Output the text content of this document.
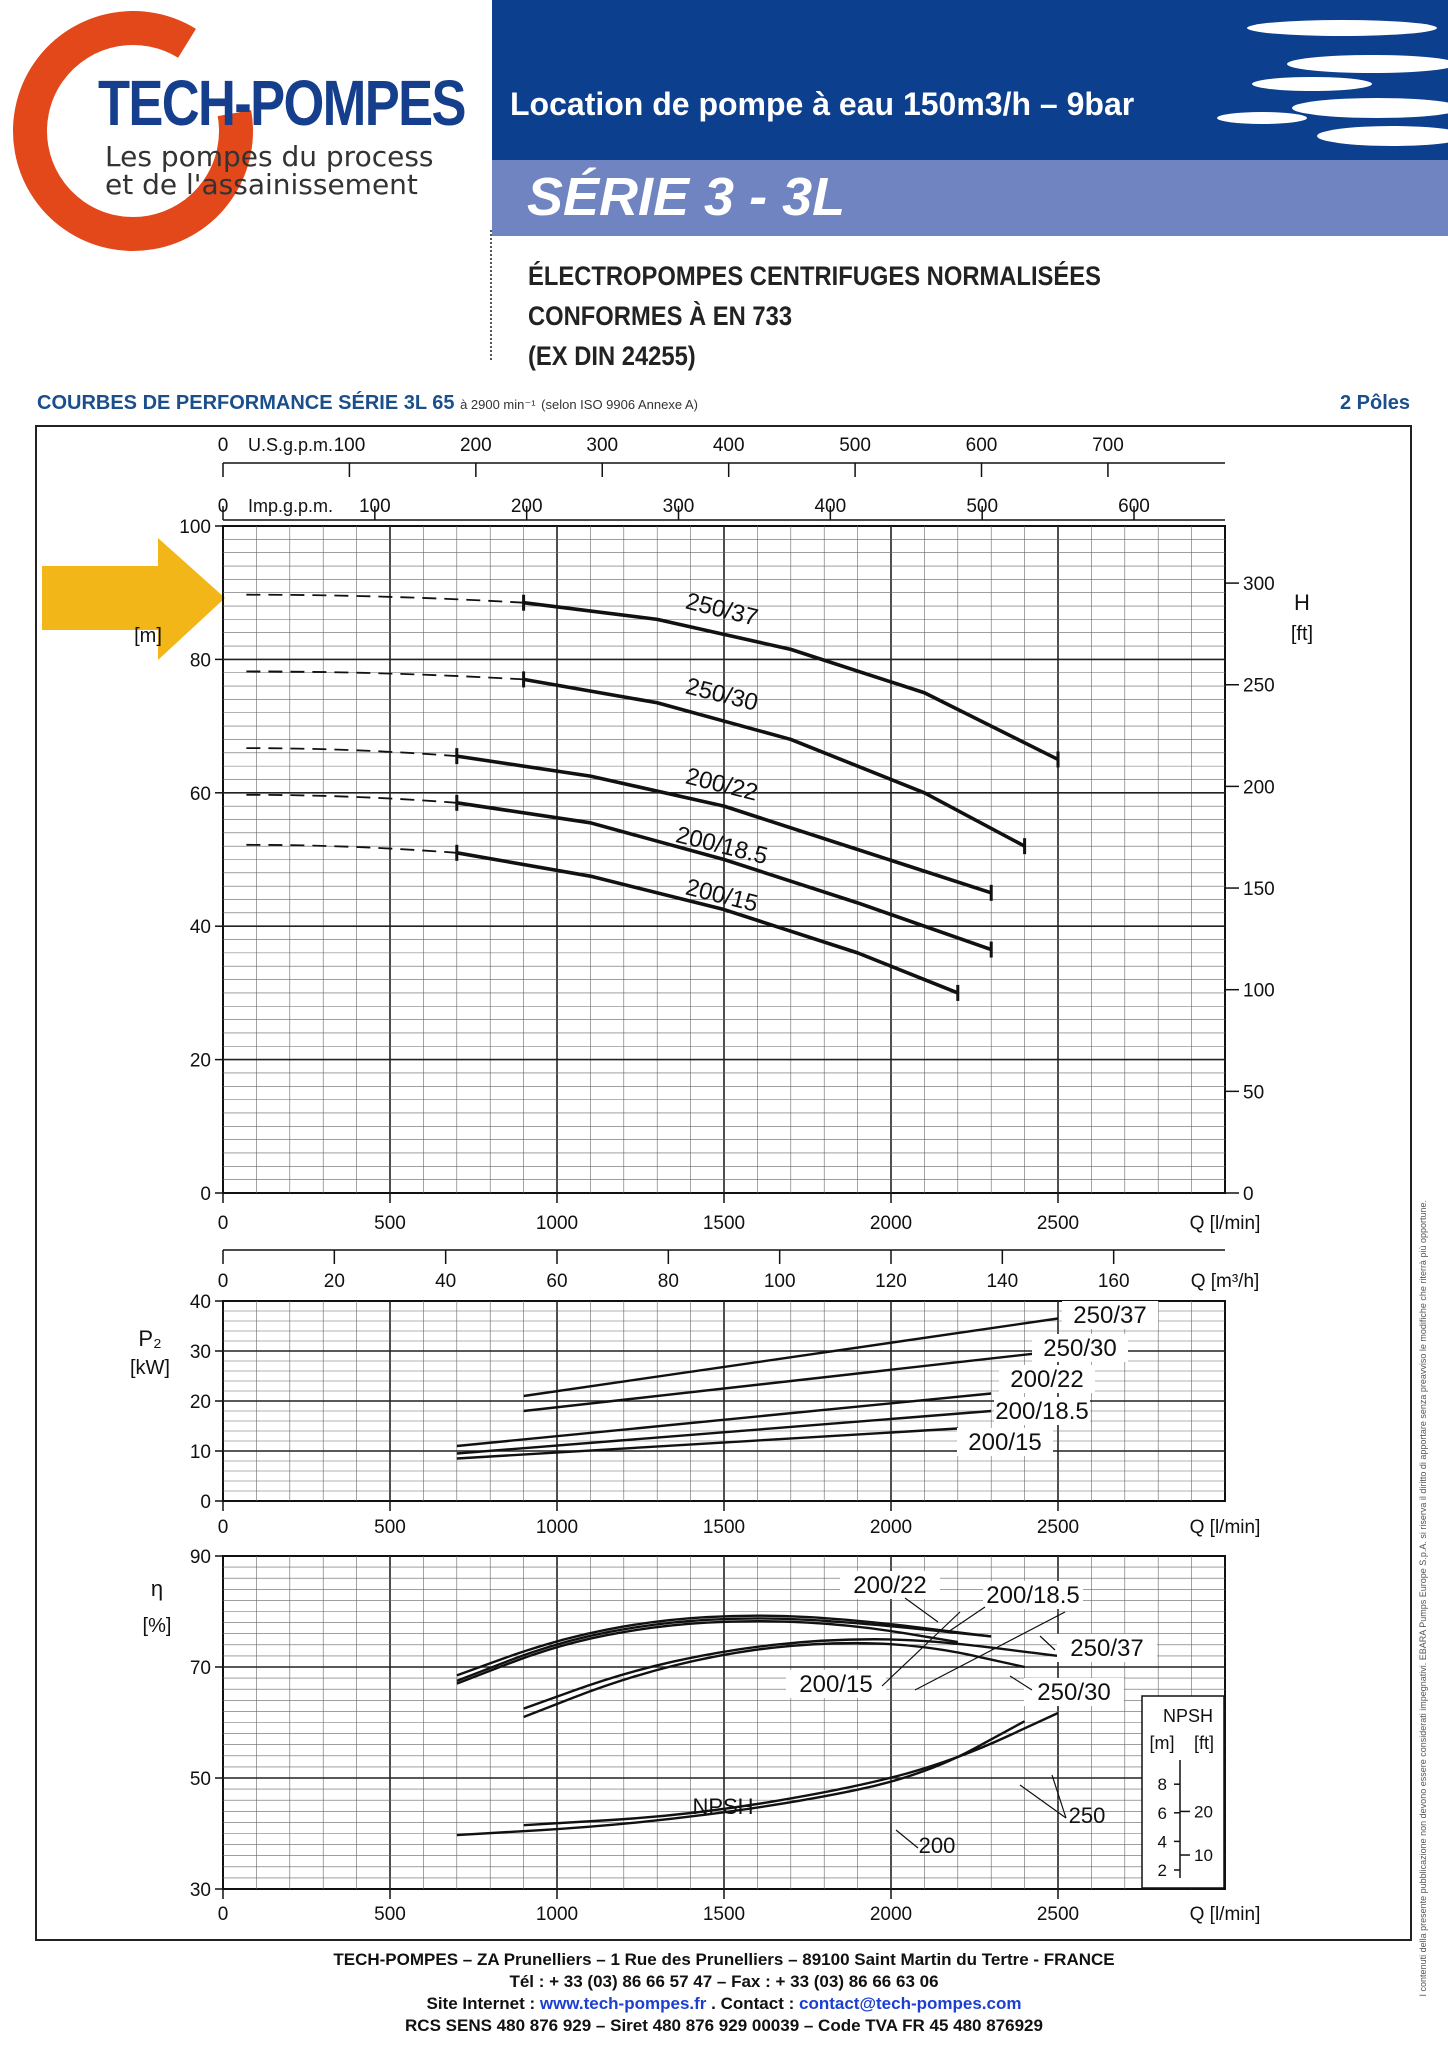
TECH-POMPES
Les pompes du process
et de l'assainissement
Location de pompe à eau 150m3/h – 9bar
SÉRIE 3 - 3L
ÉLECTROPOMPES CENTRIFUGES NORMALISÉES CONFORMES À EN 733
(EX DIN 24255)
COURBES DE PERFORMANCE SÉRIE 3L 65 à 2900 min⁻¹ (selon ISO 9906 Annexe A)	2 Pôles
0
20
40
60
80
100
0
50
100
150
200
250
300
H
[ft]
[m]
0	500	1000	1500	2000	2500	Q [l/min]
0	100	200	300	400	500	600	700
U.S.g.p.m.
0	100	200	300	400	500	600
Imp.g.p.m.
250/37
250/30
200/22
200/18.5
200/15
0	20	40	60	80	100	120	140	160	Q [m³/h]
0
10
20
30
40
P₂
[kW]
0	500	1000	1500	2000	2500	Q [l/min]
250/37
250/30
200/22
200/18.5
200/15
30
50
70
90
η
[%]
0	500	1000	1500	2000	2500	Q [l/min]
200/22 200/18.5
250/37
250/30
200/15
NPSH
200
250
NPSH
[m] [ft]
2
4
6
8
10
20	I contenuti della presente pubblicazione non devono essere considerati impegnativi. EBARA Pumps Europe S.p.A. si riserva il diritto di apportare senza preavviso le modifiche che riterrà più opportune.
TECH-POMPES – ZA Prunelliers – 1 Rue des Prunelliers – 89100 Saint Martin du Tertre - FRANCE
Tél : + 33 (03) 86 66 57 47 – Fax : + 33 (03) 86 66 63 06
Site Internet : www.tech-pompes.fr . Contact : contact@tech-pompes.com
RCS SENS 480 876 929 – Siret 480 876 929 00039 – Code TVA FR 45 480 876929
